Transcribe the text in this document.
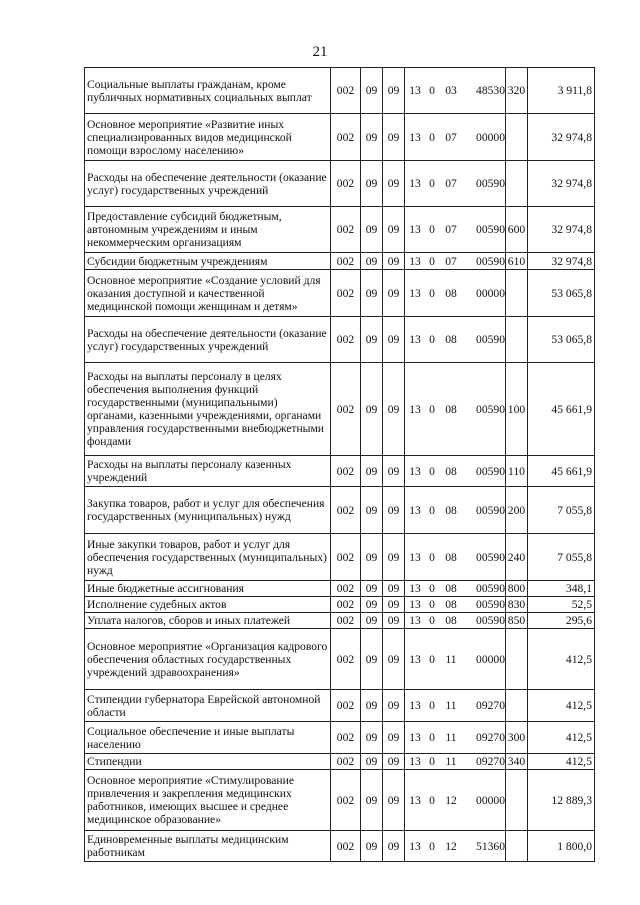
21
Социальные выплаты гражданам, кроме публичных нормативных социальных выплат	002	09	09	13 0 03 48530	320	3 911,8
Основное мероприятие «Развитие иных специализированных видов медицинской помощи взрослому населению»	002	09	09	13 0 07 00000		32 974,8
Расходы на обеспечение деятельности (оказание услуг) государственных учреждений	002	09	09	13 0 07 00590		32 974,8
Предоставление субсидий бюджетным, автономным учреждениям и иным некоммерческим организациям	002	09	09	13 0 07 00590	600	32 974,8
Субсидии бюджетным учреждениям	002	09	09	13 0 07 00590	610	32 974,8
Основное мероприятие «Создание условий для оказания доступной и качественной медицинской помощи женщинам и детям»	002	09	09	13 0 08 00000		53 065,8
Расходы на обеспечение деятельности (оказание услуг) государственных учреждений	002	09	09	13 0 08 00590		53 065,8
Расходы на выплаты персоналу в целях обеспечения выполнения функций государственными (муниципальными) органами, казенными учреждениями, органами управления государственными внебюджетными фондами	002	09	09	13 0 08 00590	100	45 661,9
Расходы на выплаты персоналу казенных учреждений	002	09	09	13 0 08 00590	110	45 661,9
Закупка товаров, работ и услуг для обеспечения государственных (муниципальных) нужд	002	09	09	13 0 08 00590	200	7 055,8
Иные закупки товаров, работ и услуг для обеспечения государственных (муниципальных) нужд	002	09	09	13 0 08 00590	240	7 055,8
Иные бюджетные ассигнования	002	09	09	13 0 08 00590	800	348,1
Исполнение судебных актов	002	09	09	13 0 08 00590	830	52,5
Уплата налогов, сборов и иных платежей	002	09	09	13 0 08 00590	850	295,6
Основное мероприятие «Организация кадрового обеспечения областных государственных учреждений здравоохранения»	002	09	09	13 0 11 00000		412,5
Стипендии губернатора Еврейской автономной области	002	09	09	13 0 11 09270		412,5
Социальное обеспечение и иные выплаты населению	002	09	09	13 0 11 09270	300	412,5
Стипендии	002	09	09	13 0 11 09270	340	412,5
Основное мероприятие «Стимулирование привлечения и закрепления медицинских работников, имеющих высшее и среднее медицинское образование»	002	09	09	13 0 12 00000		12 889,3
Единовременные выплаты медицинским работникам	002	09	09	13 0 12 51360		1 800,0
